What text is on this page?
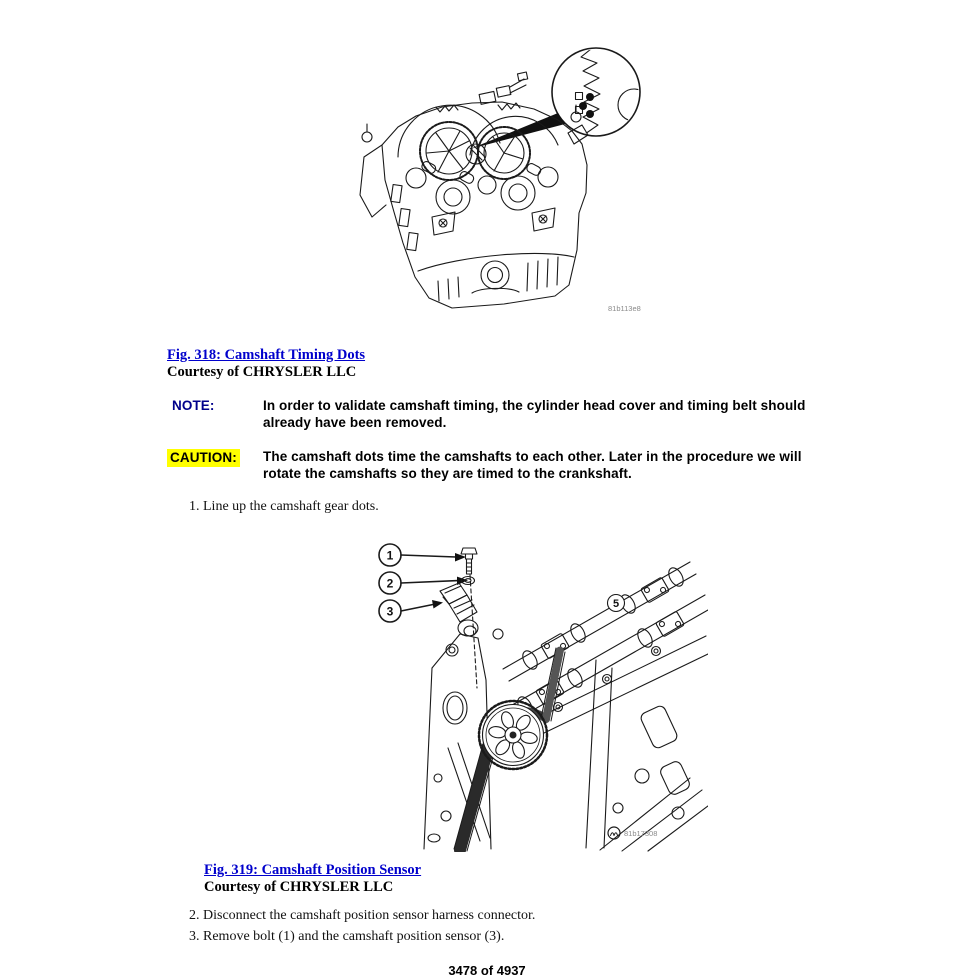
81b113e8
Fig. 318: Camshaft Timing Dots
Courtesy of CHRYSLER LLC
NOTE:	In order to validate camshaft timing, the cylinder head cover and timing belt should already have been removed.
CAUTION: The camshaft dots time the camshafts to each other. Later in the procedure we will rotate the camshafts so they are timed to the crankshaft.
1. Line up the camshaft gear dots.
1
2
3
5
81b17308
Fig. 319: Camshaft Position Sensor
Courtesy of CHRYSLER LLC
2. Disconnect the camshaft position sensor harness connector.
3. Remove bolt (1) and the camshaft position sensor (3).
3478 of 4937
